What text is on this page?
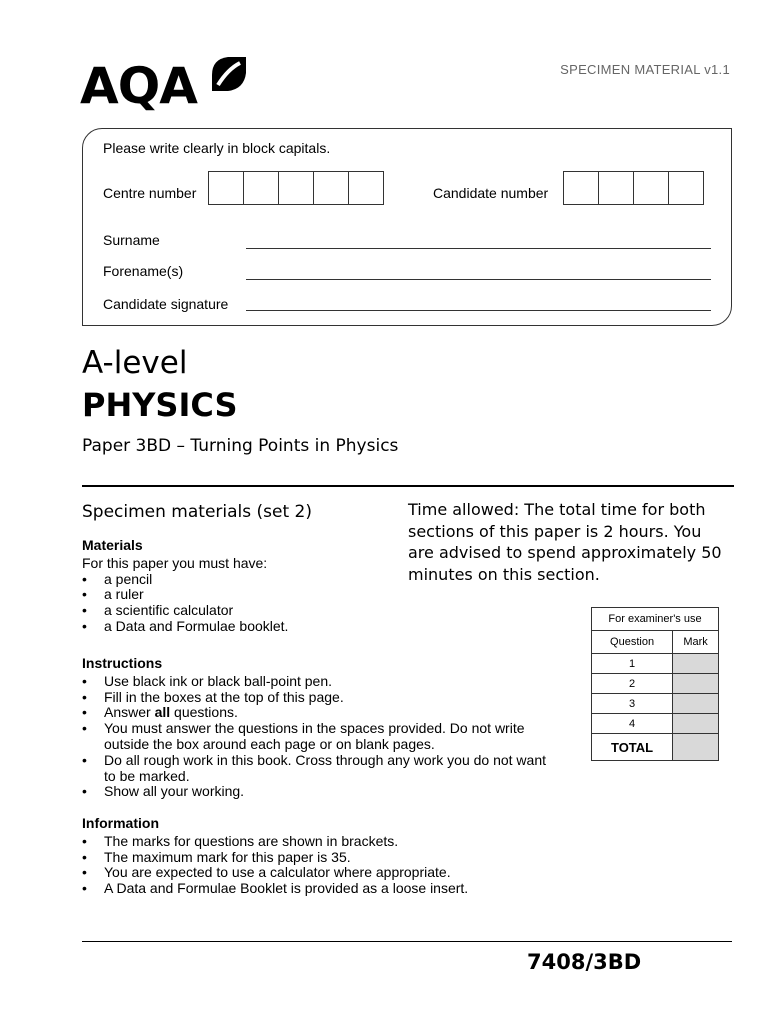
AQA	SPECIMEN MATERIAL v1.1
Please write clearly in block capitals.
Centre number	Candidate number
Surname
Forename(s)
Candidate signature
A-level
PHYSICS
Paper 3BD – Turning Points in Physics
Specimen materials (set 2)	Time allowed: The total time for both sections of this paper is 2 hours. You are advised to spend approximately 50 minutes on this section.
Materials

For this paper you must have:

• a pencil
• a ruler
• a scientific calculator
• a Data and Formulae booklet.
Instructions
• Use black ink or black ball-point pen.
• Fill in the boxes at the top of this page.
• Answer all questions.
• You must answer the questions in the spaces provided. Do not write outside the box around each page or on blank pages.
• Do all rough work in this book. Cross through any work you do not want to be marked.
• Show all your working.
Information
• The marks for questions are shown in brackets.
• The maximum mark for this paper is 35.
• You are expected to use a calculator where appropriate.
• A Data and Formulae Booklet is provided as a loose insert.
For examiner's use	
Question	Mark
1	
2	
3	
4	
TOTAL	
7408/3BD
